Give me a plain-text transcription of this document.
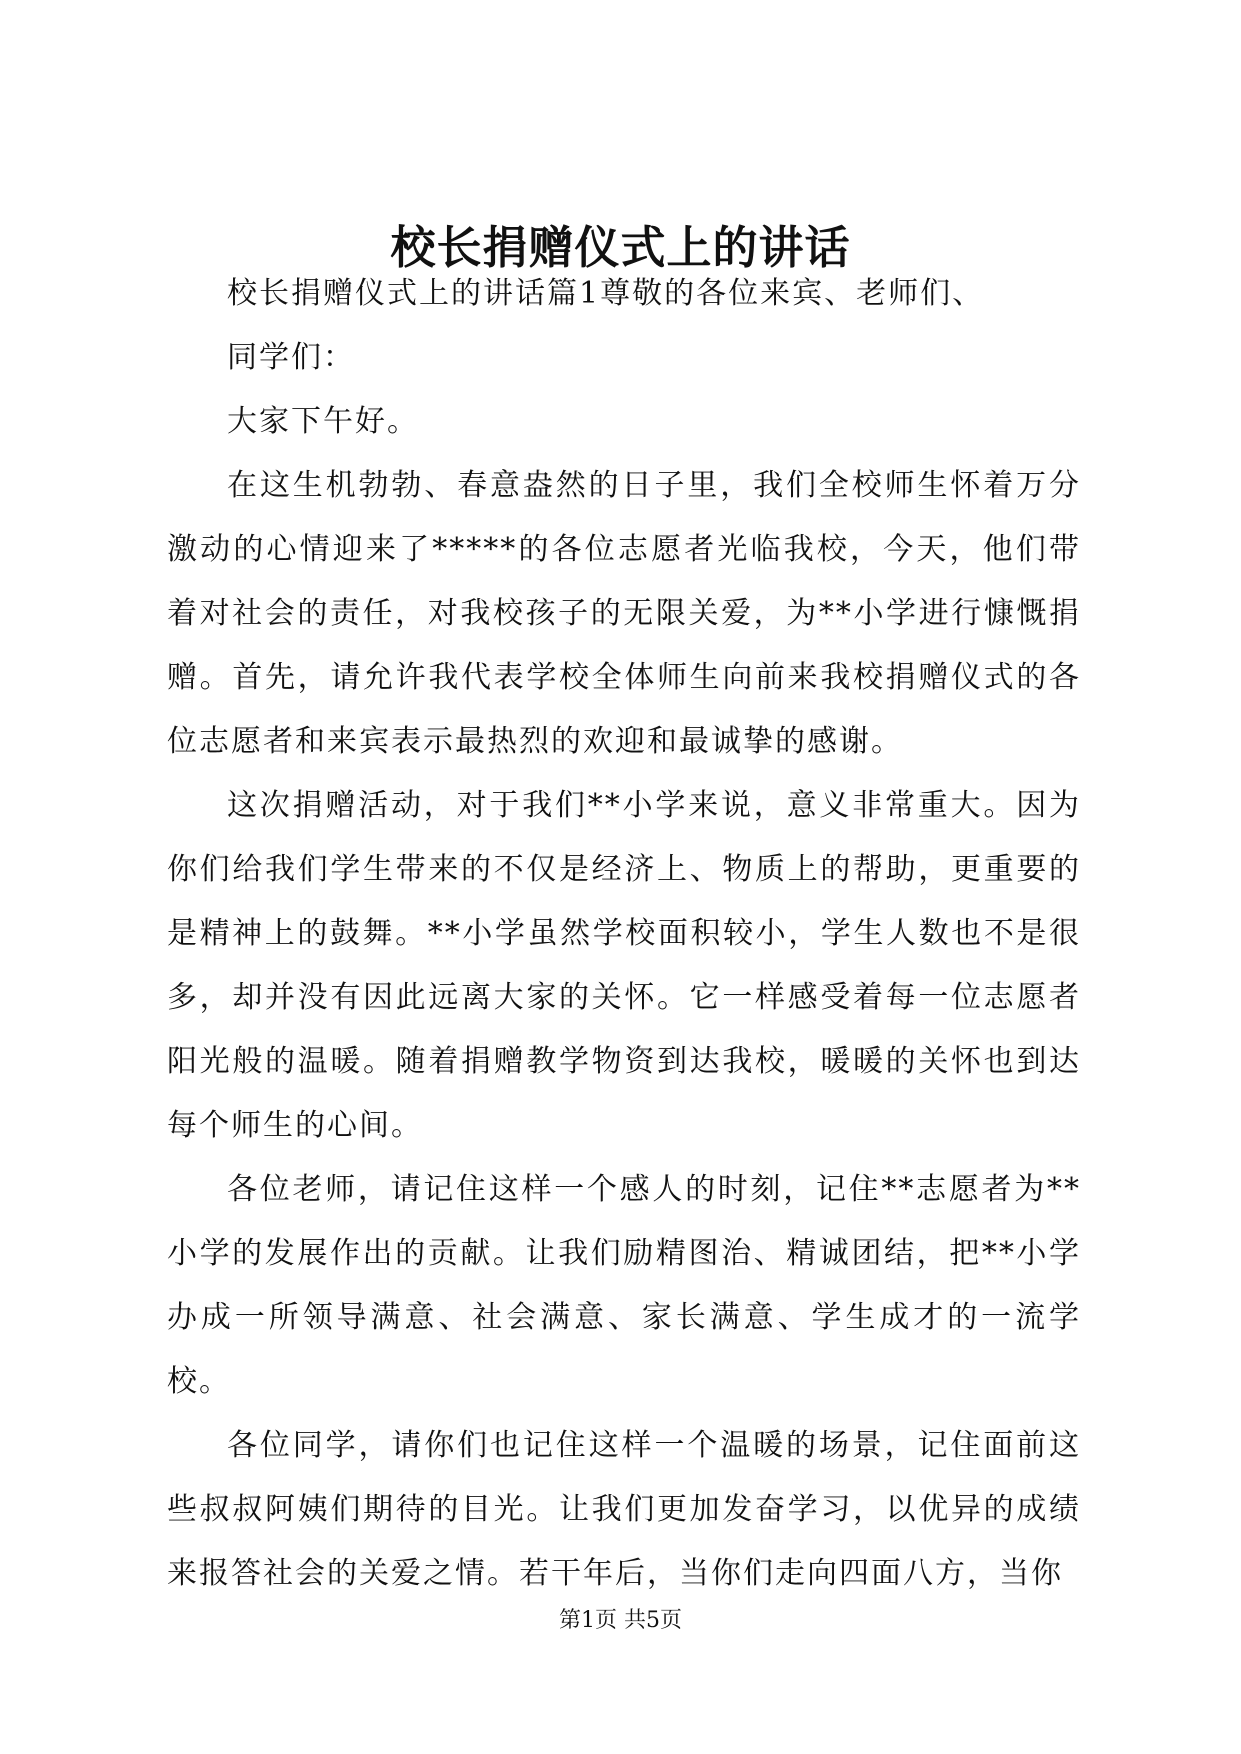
校长捐赠仪式上的讲话

校长捐赠仪式上的讲话篇1尊敬的各位来宾、老师们、

同学们：

大家下午好。

在这生机勃勃、春意盎然的日子里，我们全校师生怀着万分激动的心情迎来了*****的各位志愿者光临我校，今天，他们带着对社会的责任，对我校孩子的无限关爱，为**小学进行慷慨捐赠。首先，请允许我代表学校全体师生向前来我校捐赠仪式的各位志愿者和来宾表示最热烈的欢迎和最诚挚的感谢。

这次捐赠活动，对于我们**小学来说，意义非常重大。因为你们给我们学生带来的不仅是经济上、物质上的帮助，更重要的是精神上的鼓舞。**小学虽然学校面积较小，学生人数也不是很多，却并没有因此远离大家的关怀。它一样感受着每一位志愿者阳光般的温暖。随着捐赠教学物资到达我校，暖暖的关怀也到达每个师生的心间。

各位老师，请记住这样一个感人的时刻，记住**志愿者为**小学的发展作出的贡献。让我们励精图治、精诚团结，把**小学办成一所领导满意、社会满意、家长满意、学生成才的一流学校。

各位同学，请你们也记住这样一个温暖的场景，记住面前这些叔叔阿姨们期待的目光。让我们更加发奋学习，以优异的成绩来报答社会的关爱之情。若干年后，当你们走向四面八方，当你

第1页 共5页
